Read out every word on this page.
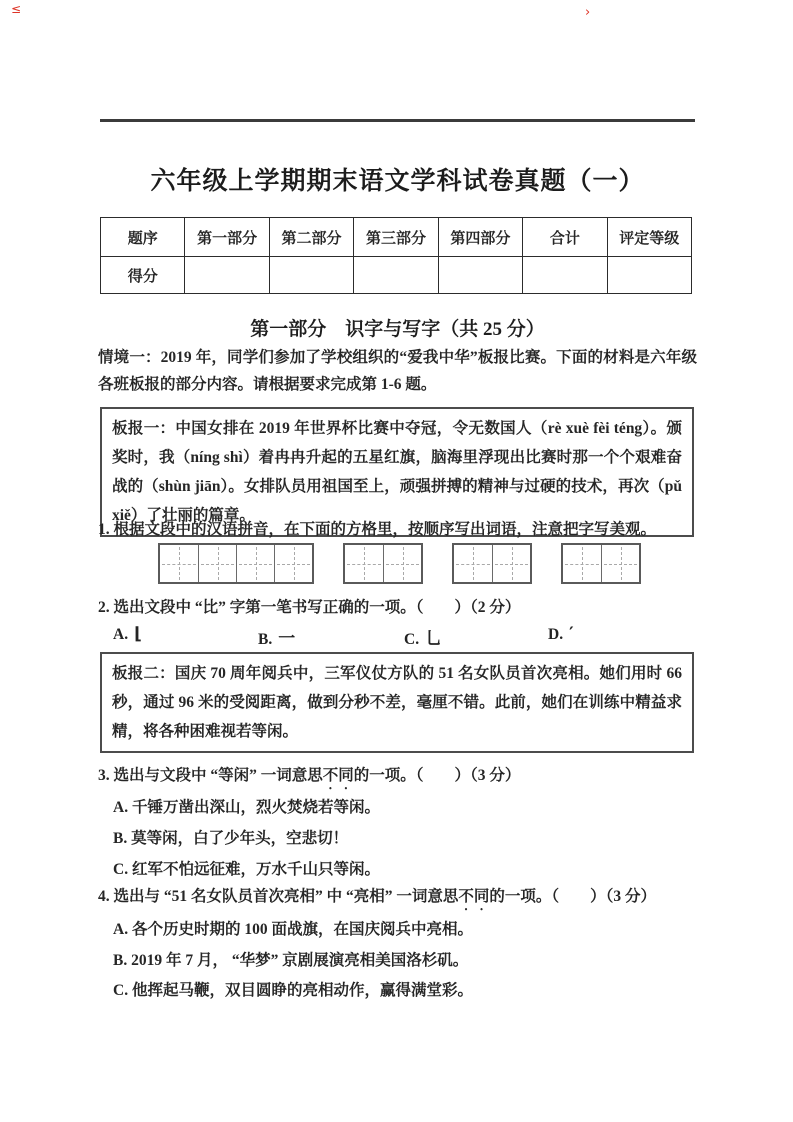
≤	›
六年级上学期期末语文学科试卷真题（一）
题序	第一部分	第二部分	第三部分	第四部分	合计	评定等级
得分						
第一部分　识字与写字（共 25 分）
情境一：2019 年，同学们参加了学校组织的“爱我中华”板报比赛。下面的材料是六年级各班板报的部分内容。请根据要求完成第 1-6 题。
板报一：中国女排在 2019 年世界杯比赛中夺冠，令无数国人（rè xuè fèi téng）。颁奖时，我（níng shì）着冉冉升起的五星红旗，脑海里浮现出比赛时那一个个艰难奋战的（shùn jiān）。女排队员用祖国至上，顽强拼搏的精神与过硬的技术，再次（pǔ xiě）了壮丽的篇章。
1. 根据文段中的汉语拼音，在下面的方格里，按顺序写出词语，注意把字写美观。
2. 选出文段中 “比” 字第一笔书写正确的一项。（　　）（2 分）
A. ⌊	B. 一	C. 乚	D. ′
板报二：国庆 70 周年阅兵中，三军仪仗方队的 51 名女队员首次亮相。她们用时 66 秒，通过 96 米的受阅距离，做到分秒不差，毫厘不错。此前，她们在训练中精益求精，将各种困难视若等闲。
3. 选出与文段中 “等闲” 一词意思不同的一项。（　　）（3 分）
A. 千锤万凿出深山，烈火焚烧若等闲。
B. 莫等闲，白了少年头，空悲切！
C. 红军不怕远征难，万水千山只等闲。
4. 选出与 “51 名女队员首次亮相” 中 “亮相” 一词意思不同的一项。（　　）（3 分）
A. 各个历史时期的 100 面战旗，在国庆阅兵中亮相。
B. 2019 年 7 月， “华梦” 京剧展演亮相美国洛杉矶。
C. 他挥起马鞭，双目圆睁的亮相动作，赢得满堂彩。
